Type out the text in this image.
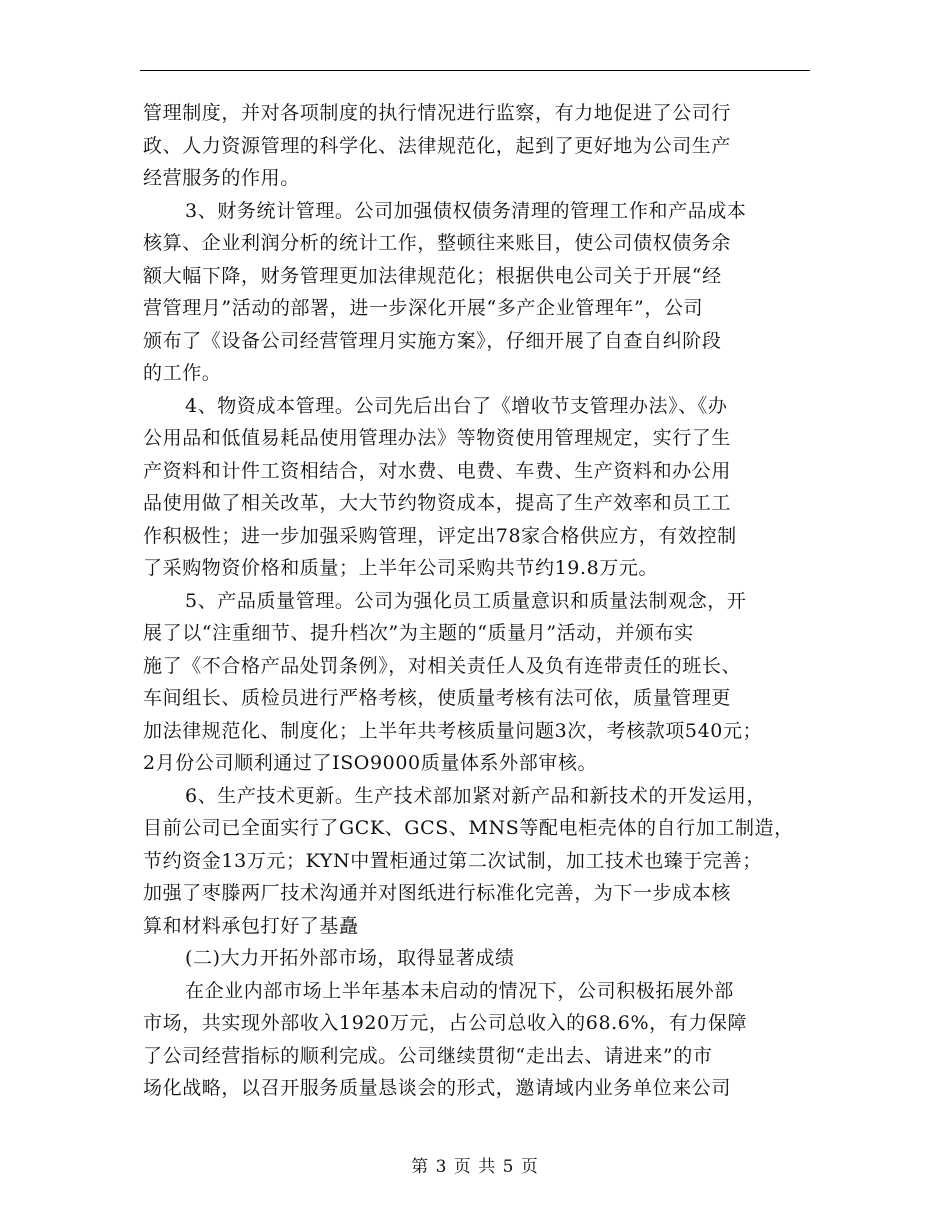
管理制度，并对各项制度的执行情况进行监察，有力地促进了公司行
政、人力资源管理的科学化、法律规范化，起到了更好地为公司生产
经营服务的作用。
3、财务统计管理。公司加强债权债务清理的管理工作和产品成本
核算、企业利润分析的统计工作，整顿往来账目，使公司债权债务余
额大幅下降，财务管理更加法律规范化；根据供电公司关于开展“经
营管理月”活动的部署，进一步深化开展“多产企业管理年”，公司
颁布了《设备公司经营管理月实施方案》，仔细开展了自查自纠阶段
的工作。
4、物资成本管理。公司先后出台了《增收节支管理办法》、《办
公用品和低值易耗品使用管理办法》等物资使用管理规定，实行了生
产资料和计件工资相结合，对水费、电费、车费、生产资料和办公用
品使用做了相关改革，大大节约物资成本，提高了生产效率和员工工
作积极性；进一步加强采购管理，评定出78家合格供应方，有效控制
了采购物资价格和质量；上半年公司采购共节约19.8万元。
5、产品质量管理。公司为强化员工质量意识和质量法制观念，开
展了以“注重细节、提升档次”为主题的“质量月”活动，并颁布实
施了《不合格产品处罚条例》，对相关责任人及负有连带责任的班长、
车间组长、质检员进行严格考核，使质量考核有法可依，质量管理更
加法律规范化、制度化；上半年共考核质量问题3次，考核款项540元；
2月份公司顺利通过了ISO9000质量体系外部审核。
6、生产技术更新。生产技术部加紧对新产品和新技术的开发运用，
目前公司已全面实行了GCK、GCS、MNS等配电柜壳体的自行加工制造，
节约资金13万元；KYN中置柜通过第二次试制，加工技术也臻于完善；
加强了枣滕两厂技术沟通并对图纸进行标准化完善，为下一步成本核
算和材料承包打好了基矗
(二)大力开拓外部市场，取得显著成绩
在企业内部市场上半年基本未启动的情况下，公司积极拓展外部
市场，共实现外部收入1920万元，占公司总收入的68.6%，有力保障
了公司经营指标的顺利完成。公司继续贯彻“走出去、请进来”的市
场化战略，以召开服务质量恳谈会的形式，邀请域内业务单位来公司
第 3 页 共 5 页
